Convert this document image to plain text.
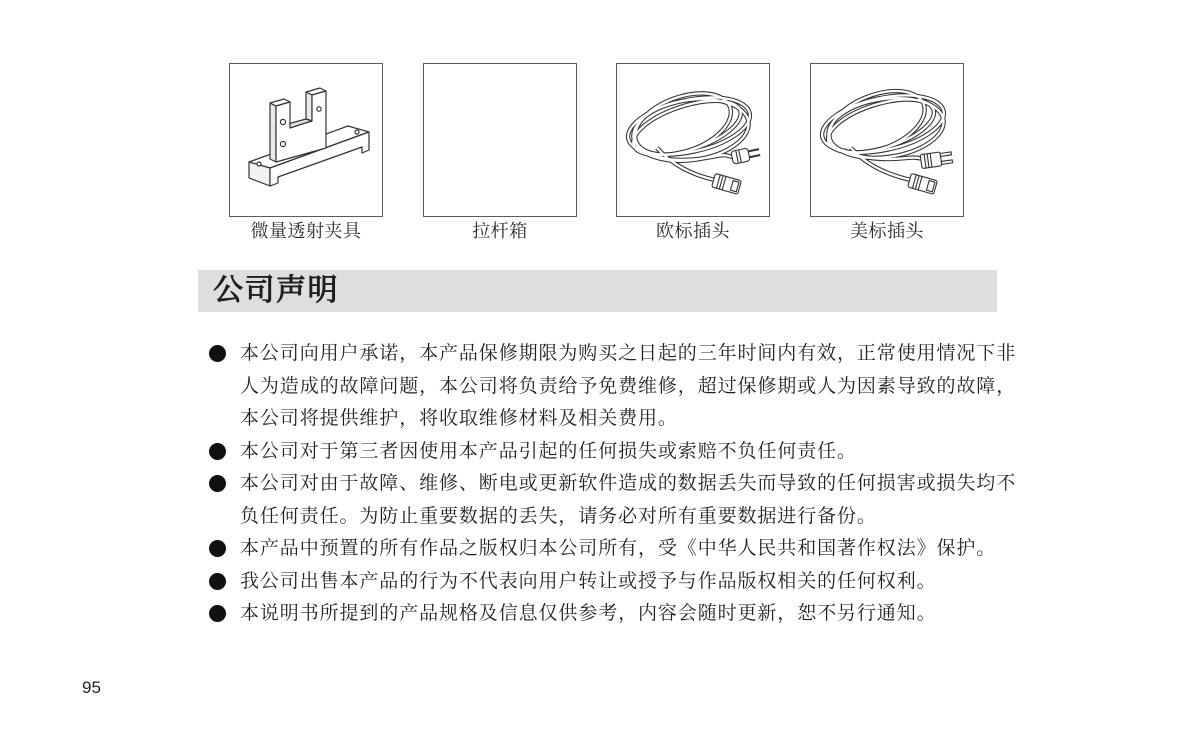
微量透射夹具	拉杆箱	欧标插头	美标插头
公司声明
本公司向用户承诺，本产品保修期限为购买之日起的三年时间内有效，正常使用情况下非
人为造成的故障问题，本公司将负责给予免费维修，超过保修期或人为因素导致的故障，
本公司将提供维护，将收取维修材料及相关费用。
本公司对于第三者因使用本产品引起的任何损失或索赔不负任何责任。
本公司对由于故障、维修、断电或更新软件造成的数据丢失而导致的任何损害或损失均不
负任何责任。为防止重要数据的丢失，请务必对所有重要数据进行备份。
本产品中预置的所有作品之版权归本公司所有，受《中华人民共和国著作权法》保护。
我公司出售本产品的行为不代表向用户转让或授予与作品版权相关的任何权利。
本说明书所提到的产品规格及信息仅供参考，内容会随时更新，恕不另行通知。
95
